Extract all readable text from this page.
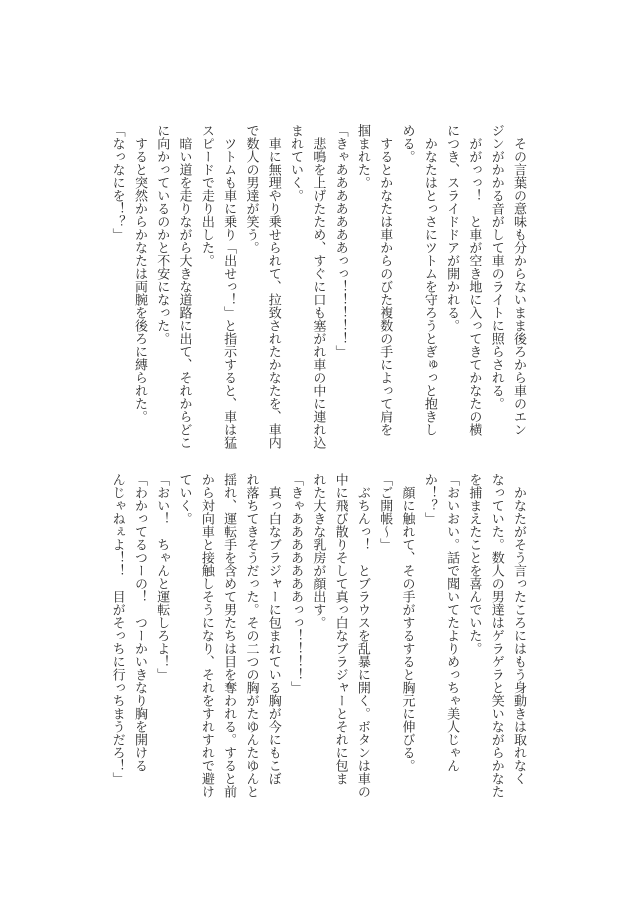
　その言葉の意味も分からないまま後ろから車のエン
ジンがかかる音がして車のライトに照らされる。
　ががっっ！　と車が空き地に入ってきてかなたの横
につき、スライドドアが開かれる。
　かなたはとっさにツトムを守ろうとぎゅっと抱きし
める。
　するとかなたは車からのびた複数の手によって肩を
掴まれた。
「きゃあああああああっっ！！！！！」
　悲鳴を上げたため、すぐに口も塞がれ車の中に連れ込
まれていく。
　車に無理やり乗せられて、拉致されたかなたを、車内
で数人の男達が笑う。
　ツトムも車に乗り「出せっ！」と指示すると、車は猛
スピードで走り出した。
　暗い道を走りながら大きな道路に出て、それからどこ
に向かっているのかと不安になった。
　すると突然からかなたは両腕を後ろに縛られた。
「なっなにを！？」
　かなたがそう言ったころにはもう身動きは取れなく
なっていた。数人の男達はゲラゲラと笑いながらかなた
を捕まえたことを喜んでいた。
「おいおい。話で聞いてたよりめっちゃ美人じゃん
か！？」
　顔に触れて、その手がするすると胸元に伸びる。
「ご開帳〜」
　ぶちんっ！　とブラウスを乱暴に開く。ボタンは車の
中に飛び散りそして真っ白なブラジャーとそれに包ま
れた大きな乳房が顔出す。
「きゃあああああああっっ！！！！」
　真っ白なブラジャーに包まれている胸が今にもこぼ
れ落ちてきそうだった。その二つの胸がたゆんたゆんと
揺れ、運転手を含めて男たちは目を奪われる。すると前
から対向車と接触しそうになり、それをすれすれで避け
ていく。
「おい！　ちゃんと運転しろよ！」
「わかってるつーの！　つーかいきなり胸を開ける
んじゃねぇよ！！　目がそっちに行っちまうだろ！」
